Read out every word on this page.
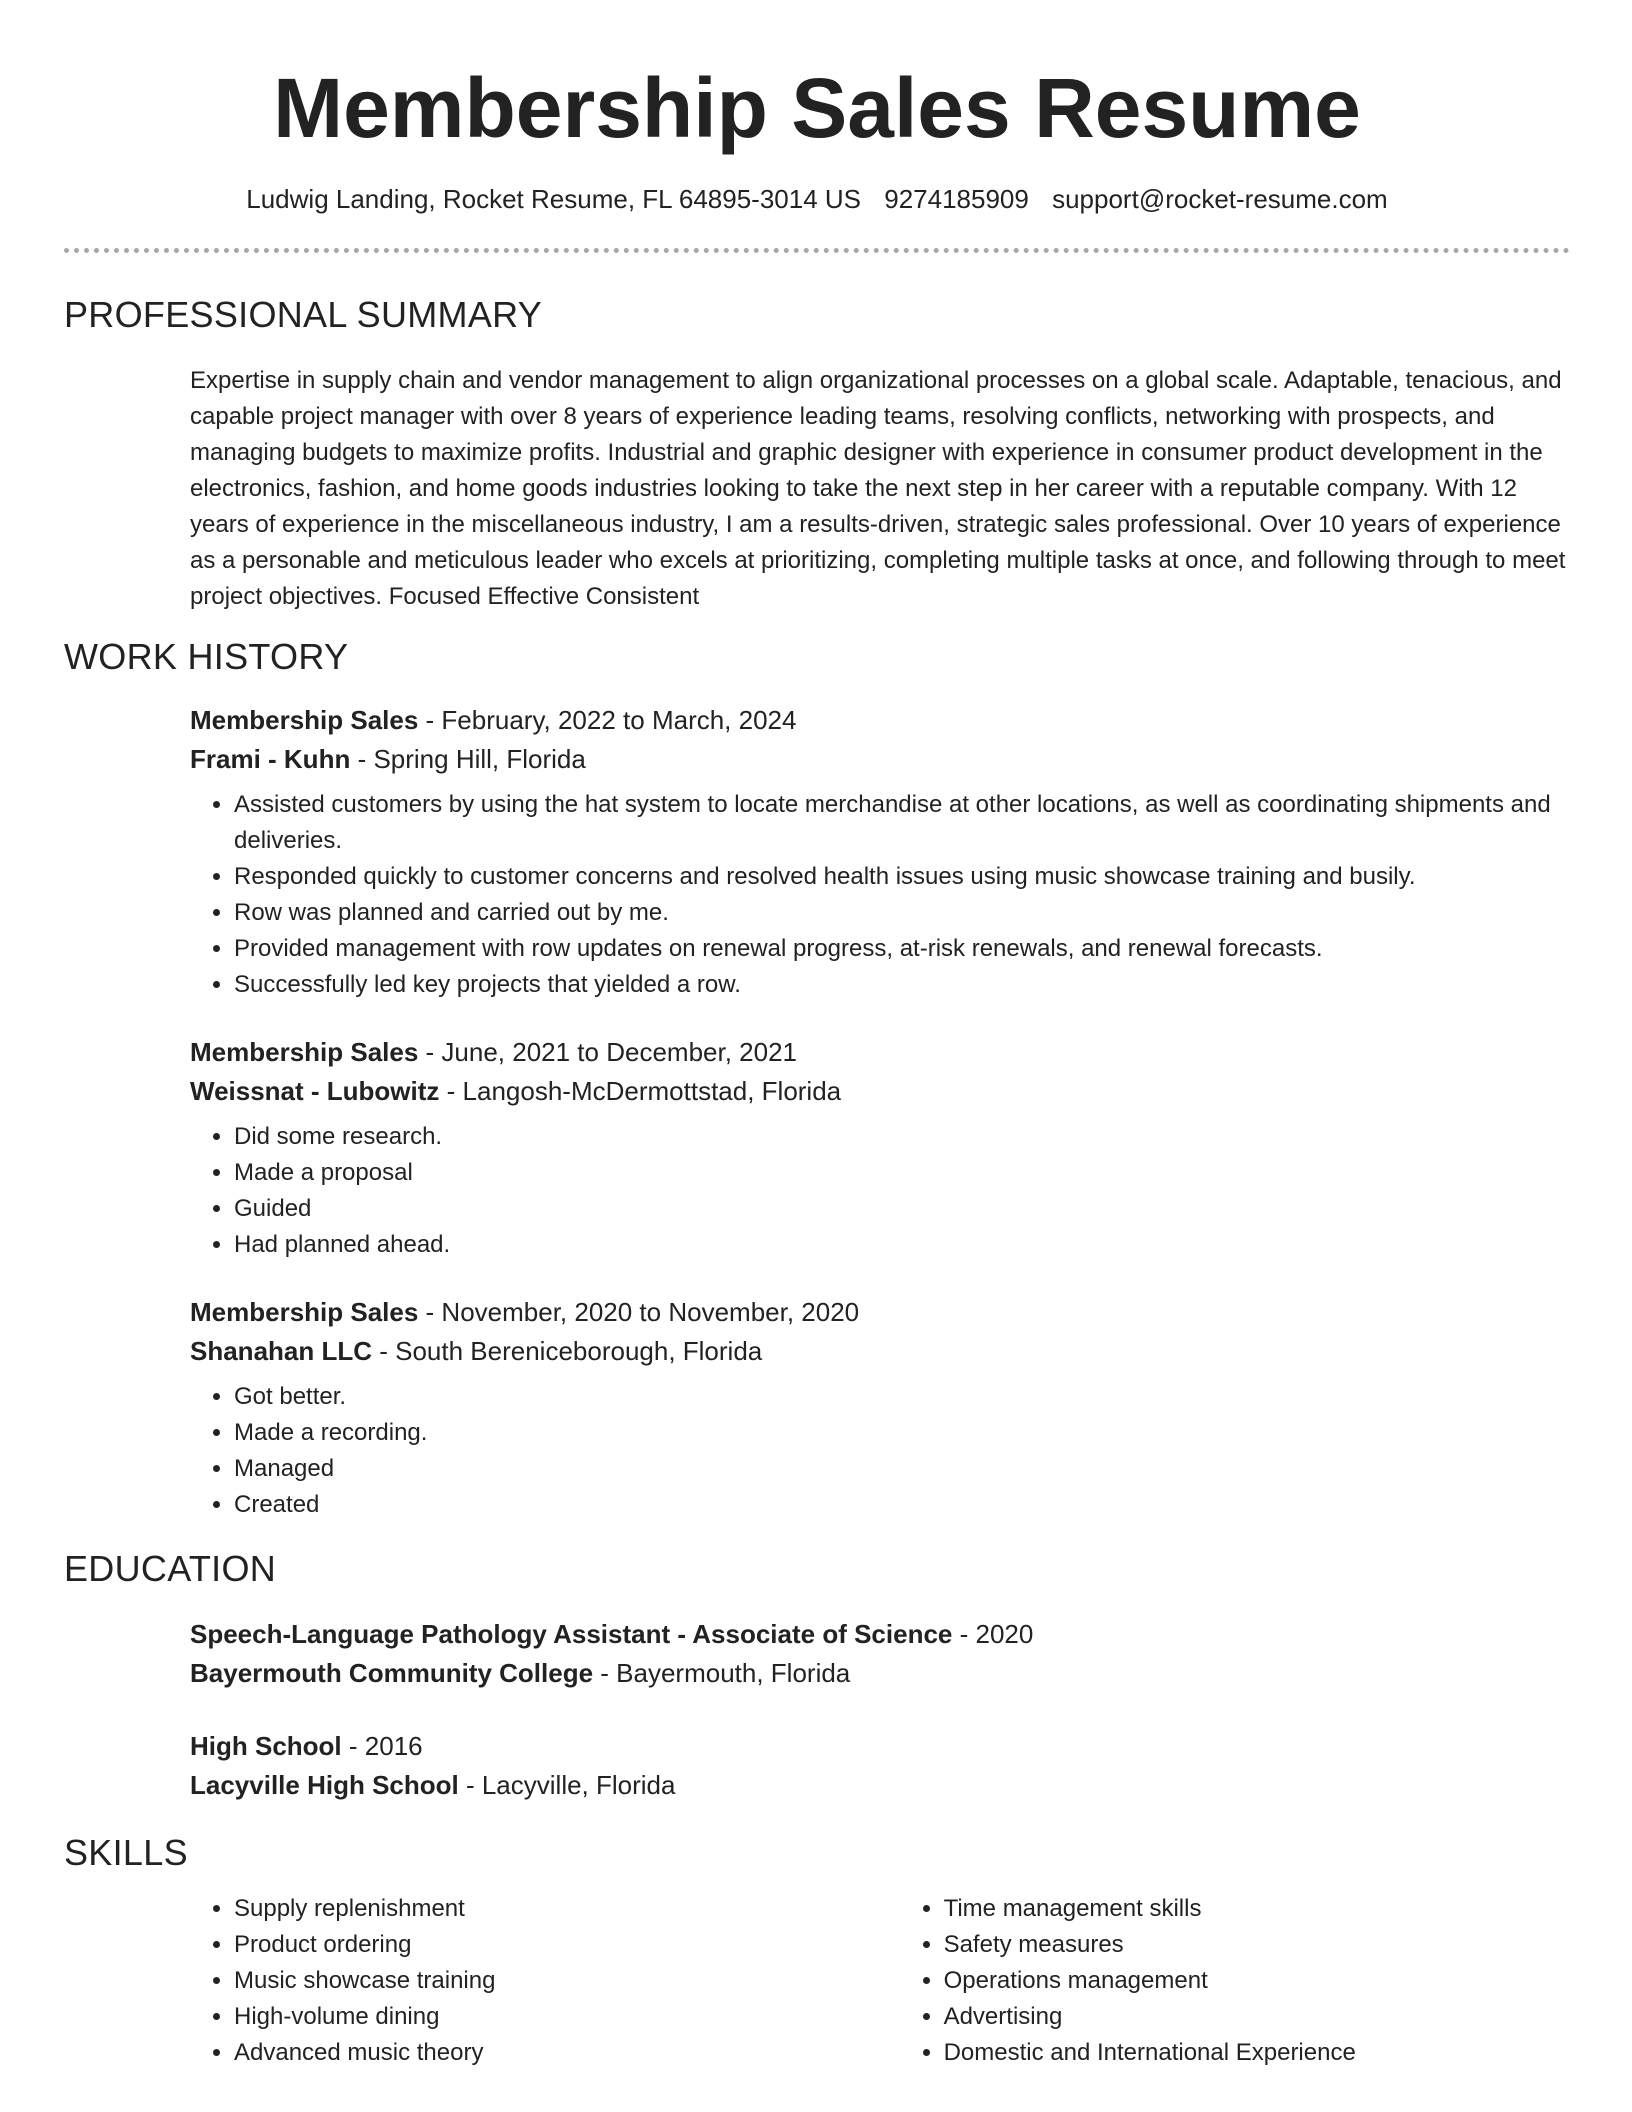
Membership Sales Resume
Ludwig Landing, Rocket Resume, FL 64895-3014 US 9274185909 support@rocket-resume.com
PROFESSIONAL SUMMARY

Expertise in supply chain and vendor management to align organizational processes on a global scale. Adaptable, tenacious, and capable project manager with over 8 years of experience leading teams, resolving conflicts, networking with prospects, and managing budgets to maximize profits. Industrial and graphic designer with experience in consumer product development in the electronics, fashion, and home goods industries looking to take the next step in her career with a reputable company. With 12 years of experience in the miscellaneous industry, I am a results-driven, strategic sales professional. Over 10 years of experience as a personable and meticulous leader who excels at prioritizing, completing multiple tasks at once, and following through to meet project objectives. Focused Effective Consistent

WORK HISTORY
Membership Sales - February, 2022 to March, 2024
Frami - Kuhn - Spring Hill, Florida
• Assisted customers by using the hat system to locate merchandise at other locations, as well as coordinating shipments and deliveries.
• Responded quickly to customer concerns and resolved health issues using music showcase training and busily.
• Row was planned and carried out by me.
• Provided management with row updates on renewal progress, at-risk renewals, and renewal forecasts.
• Successfully led key projects that yielded a row.
Membership Sales - June, 2021 to December, 2021
Weissnat - Lubowitz - Langosh-McDermottstad, Florida
• Did some research.
• Made a proposal
• Guided
• Had planned ahead.
Membership Sales - November, 2020 to November, 2020
Shanahan LLC - South Bereniceborough, Florida
• Got better.
• Made a recording.
• Managed
• Created
EDUCATION
Speech-Language Pathology Assistant - Associate of Science - 2020
Bayermouth Community College - Bayermouth, Florida
High School - 2016
Lacyville High School - Lacyville, Florida
SKILLS
• Supply replenishment
• Product ordering
• Music showcase training
• High-volume dining
• Advanced music theory
• Time management skills
• Safety measures
• Operations management
• Advertising
• Domestic and International Experience
